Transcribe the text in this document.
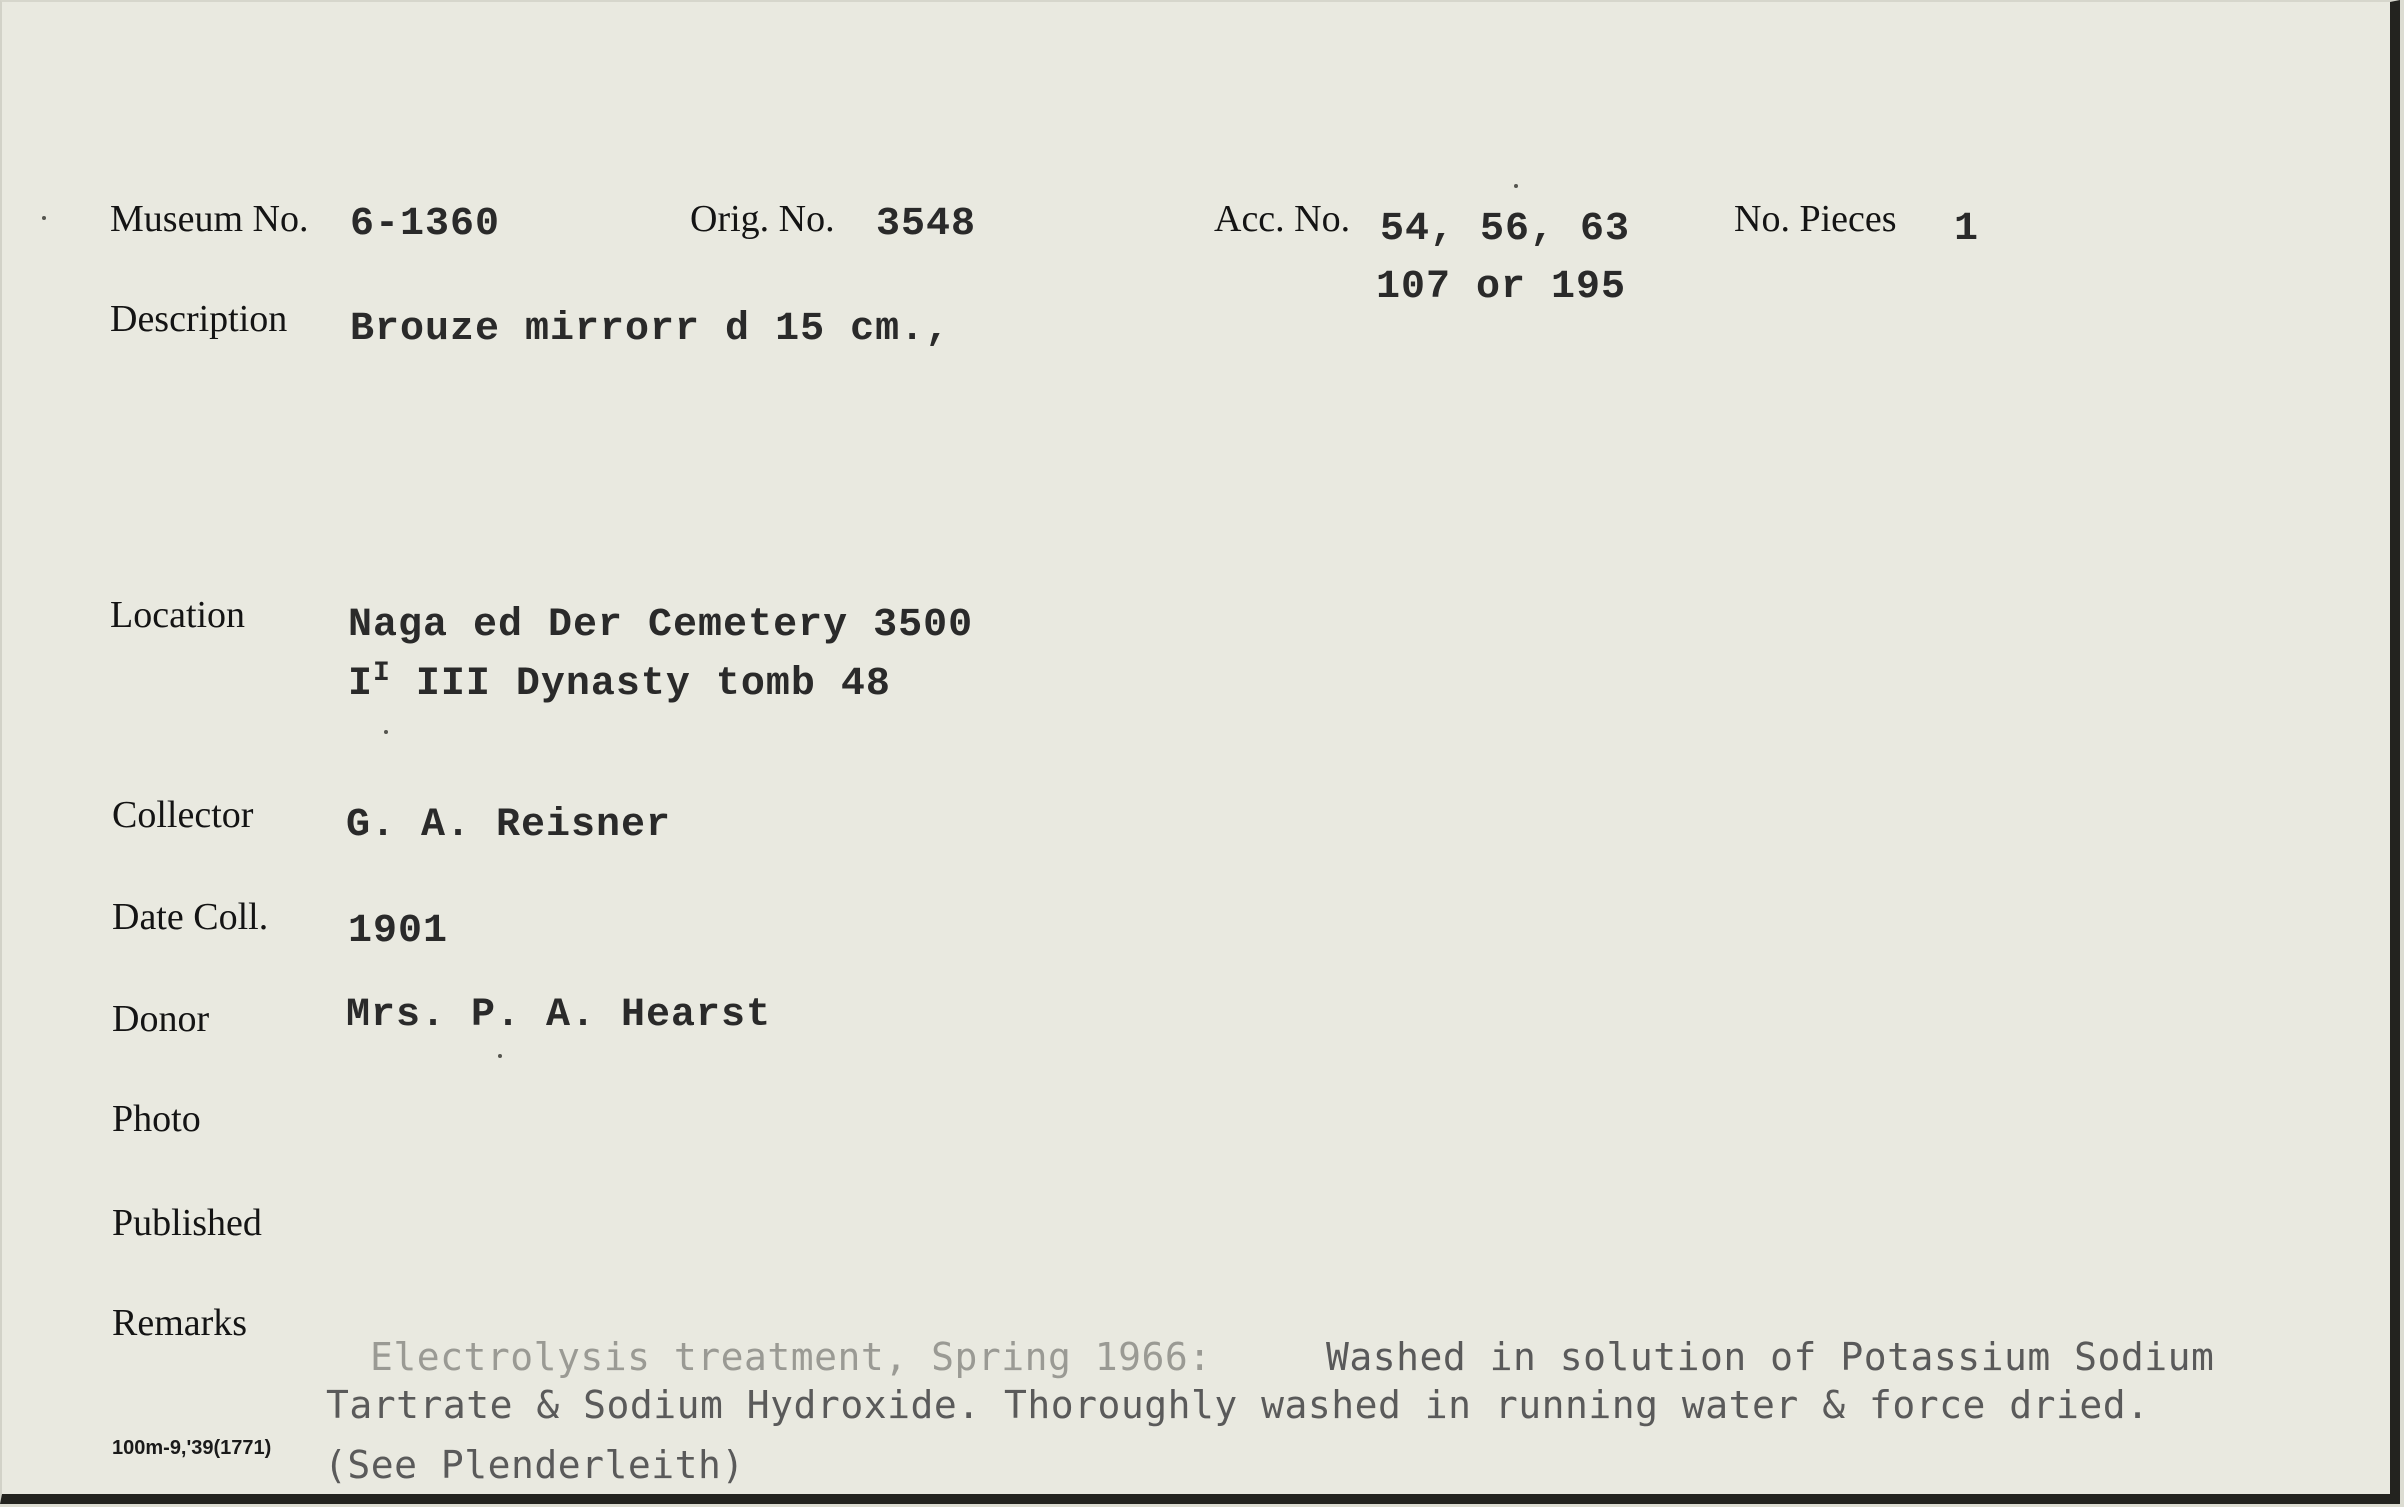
Museum No. 6-1360	Orig. No. 3548	Acc. No. 54, 56, 63
107 or 195
No. Pieces 1
Description Brouze mirrorr d 15 cm.,
Location	Naga ed Der Cemetery 3500
$I^I$ III Dynasty tomb 48
Collector G. A. Reisner
Date Coll. 1901
Donor	Mrs. P. A. Hearst
Photo
Published
Remarks
Electrolysis treatment, Spring 1966:	Washed in solution of Potassium Sodium
Tartrate & Sodium Hydroxide. Thoroughly washed in running water & force dried.
(See Plenderleith)
100m-9,'39(1771)
